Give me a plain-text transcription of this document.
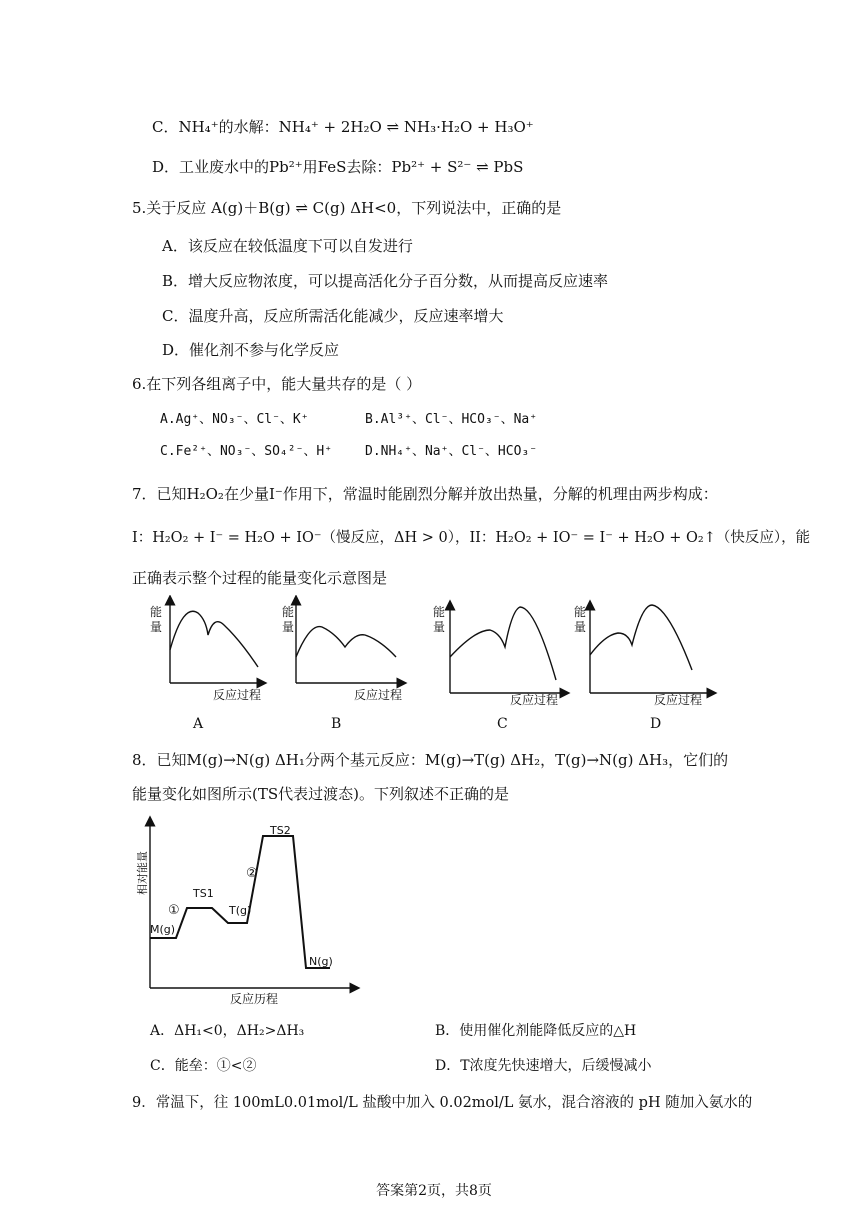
C．NH₄⁺的水解：NH₄⁺ + 2H₂O ⇌ NH₃·H₂O + H₃O⁺
D．工业废水中的Pb²⁺用FeS去除：Pb²⁺ + S²⁻ ⇌ PbS
5.关于反应 A(g)＋B(g) ⇌ C(g) ΔH<0，下列说法中，正确的是
A．该反应在较低温度下可以自发进行
B．增大反应物浓度，可以提高活化分子百分数，从而提高反应速率
C．温度升高，反应所需活化能减少，反应速率增大
D．催化剂不参与化学反应
6.在下列各组离子中，能大量共存的是（ ）
A.Ag⁺、NO₃⁻、Cl⁻、K⁺	B.Al³⁺、Cl⁻、HCO₃⁻、Na⁺
C.Fe²⁺、NO₃⁻、SO₄²⁻、H⁺	D.NH₄⁺、Na⁺、Cl⁻、HCO₃⁻
7．已知H₂O₂在少量I⁻作用下，常温时能剧烈分解并放出热量，分解的机理由两步构成：
I：H₂O₂ + I⁻ = H₂O + IO⁻（慢反应，ΔH > 0），II：H₂O₂ + IO⁻ = I⁻ + H₂O + O₂↑（快反应），能
正确表示整个过程的能量变化示意图是
能
量
能
量
能
量
能
量
反应过程	反应过程	反应过程	反应过程
A	B	C	D
8．已知M(g)→N(g) ΔH₁分两个基元反应：M(g)→T(g) ΔH₂，T(g)→N(g) ΔH₃，它们的
能量变化如图所示(TS代表过渡态)。下列叙述不正确的是
相对能量
反应历程
M(g)
TS1
T(g)
TS2
N(g)
①
②
A．ΔH₁<0，ΔH₂>ΔH₃	B．使用催化剂能降低反应的△H
C．能垒：①<②	D．T浓度先快速增大，后缓慢减小
9．常温下，往 100mL0.01mol/L 盐酸中加入 0.02mol/L 氨水，混合溶液的 pH 随加入氨水的
答案第2页，共8页
